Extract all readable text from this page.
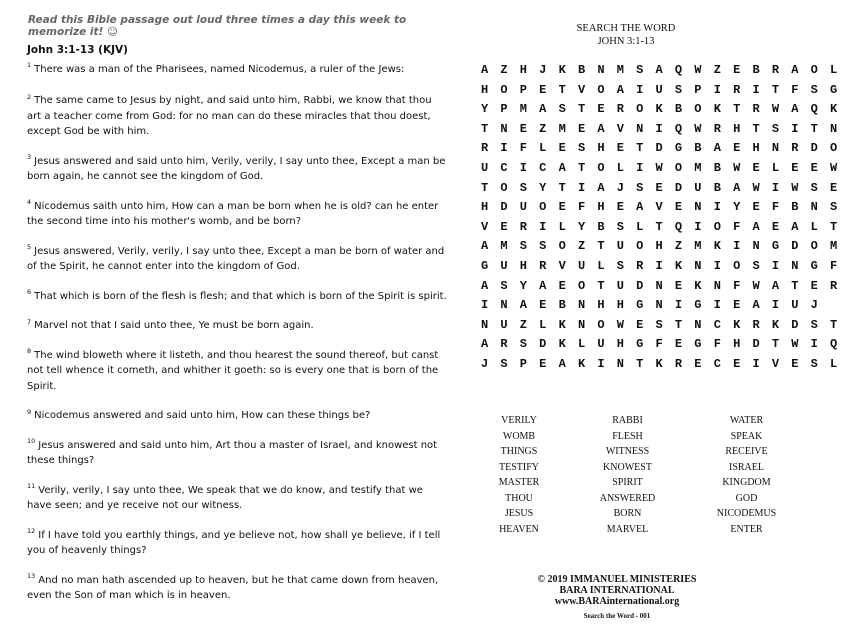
Read this Bible passage out loud three times a day this week to memorize it! ☺
John 3:1-13 (KJV)
$^1$ There was a man of the Pharisees, named Nicodemus, a ruler of the Jews:
$^2$ The same came to Jesus by night, and said unto him, Rabbi, we know that thou art a teacher come from God: for no man can do these miracles that thou doest, except God be with him.
$^3$ Jesus answered and said unto him, Verily, verily, I say unto thee, Except a man be born again, he cannot see the kingdom of God.
$^4$ Nicodemus saith unto him, How can a man be born when he is old? can he enter the second time into his mother's womb, and be born?
$^5$ Jesus answered, Verily, verily, I say unto thee, Except a man be born of water and of the Spirit, he cannot enter into the kingdom of God.
$^6$ That which is born of the flesh is flesh; and that which is born of the Spirit is spirit.
$^7$ Marvel not that I said unto thee, Ye must be born again.
$^8$ The wind bloweth where it listeth, and thou hearest the sound thereof, but canst not tell whence it cometh, and whither it goeth: so is every one that is born of the Spirit.
$^9$ Nicodemus answered and said unto him, How can these things be?
$^{10}$ Jesus answered and said unto him, Art thou a master of Israel, and knowest not these things?
$^{11}$ Verily, verily, I say unto thee, We speak that we do know, and testify that we have seen; and ye receive not our witness.
$^{12}$ If I have told you earthly things, and ye believe not, how shall ye believe, if I tell you of heavenly things?
$^{13}$ And no man hath ascended up to heaven, but he that came down from heaven, even the Son of man which is in heaven.
SEARCH THE WORD
JOHN 3:1-13
A Z H J K B N M S A Q W Z E B R A O L
H O P E T V O A I U S P I R I T F S G
Y P M A S T E R O K B O K T R W A Q K
T N E Z M E A V N I Q W R H T S I T N
R I F L E S H E T D G B A E H N R D O
U C I C A T O L I W O M B W E L E E W
T O S Y T I A J S E D U B A W I W S E
H D U O E F H E A V E N I Y E F B N S
V E R I L Y B S L T Q I O F A E A L T
A M S S O Z T U O H Z M K I N G D O M
G U H R V U L S R I K N I O S I N G F
A S Y A E O T U D N E K N F W A T E R
I N A E B N H H G N I G I E A I U J
N U Z L K N O W E S T N C K R K D S T
A R S D K L U H G F E G F H D T W I Q
J S P E A K I N T K R E C E I V E S L
VERILY	RABBI	WATER
WOMB	FLESH	SPEAK
THINGS	WITNESS	RECEIVE
TESTIFY	KNOWEST	ISRAEL
MASTER	SPIRIT	KINGDOM
THOU	ANSWERED	GOD
JESUS	BORN	NICODEMUS
HEAVEN	MARVEL	ENTER
© 2019 IMMANUEL MINISTERIES
BARA INTERNATIONAL
www.BARAinternational.org
Search the Word - 001
